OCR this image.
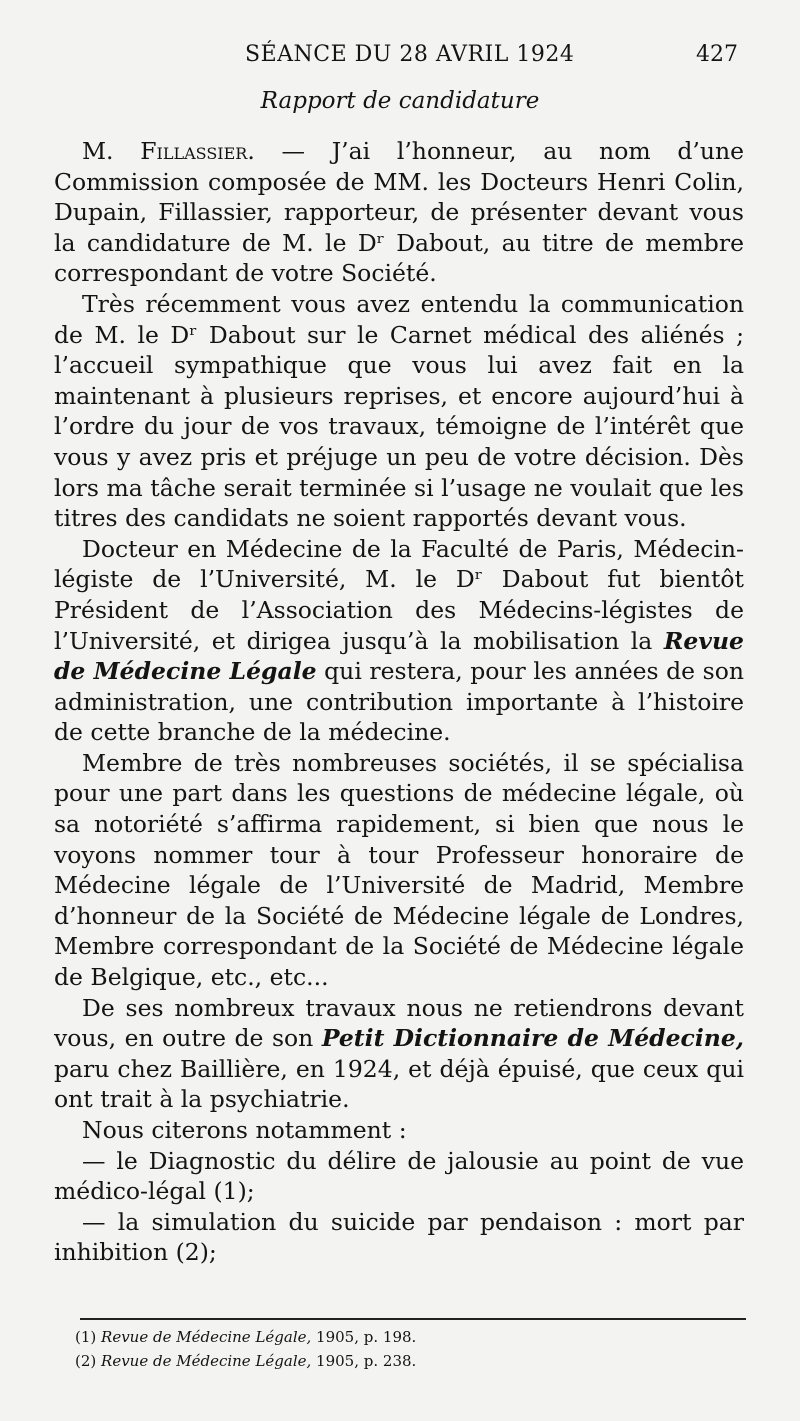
SÉANCE DU 28 AVRIL 1924	427
Rapport de candidature

M. Fillassier. — J’ai l’honneur, au nom d’une Commission composée de MM. les Docteurs Henri Colin, Dupain, Fillassier, rapporteur, de présenter devant vous la candidature de M. le Dʳ Dabout, au titre de membre correspondant de votre Société.

Très récemment vous avez entendu la communication de M. le Dʳ Dabout sur le Carnet médical des aliénés ; l’accueil sympathique que vous lui avez fait en la maintenant à plusieurs reprises, et encore aujourd’hui à l’ordre du jour de vos travaux, témoigne de l’intérêt que vous y avez pris et préjuge un peu de votre décision. Dès lors ma tâche serait terminée si l’usage ne voulait que les titres des candidats ne soient rapportés devant vous.

Docteur en Médecine de la Faculté de Paris, Médecin-légiste de l’Université, M. le Dʳ Dabout fut bientôt Président de l’Association des Médecins-légistes de l’Université, et dirigea jusqu’à la mobilisation la Revue de Médecine Légale qui restera, pour les années de son administration, une contribution importante à l’histoire de cette branche de la médecine.

Membre de très nombreuses sociétés, il se spécialisa pour une part dans les questions de médecine légale, où sa notoriété s’affirma rapidement, si bien que nous le voyons nommer tour à tour Professeur honoraire de Médecine légale de l’Université de Madrid, Membre d’honneur de la Société de Médecine légale de Londres, Membre correspondant de la Société de Médecine légale de Belgique, etc., etc...

De ses nombreux travaux nous ne retiendrons devant vous, en outre de son Petit Dictionnaire de Médecine, paru chez Baillière, en 1924, et déjà épuisé, que ceux qui ont trait à la psychiatrie.

Nous citerons notamment :

— le Diagnostic du délire de jalousie au point de vue médico-légal (1);

— la simulation du suicide par pendaison : mort par inhibition (2);

(1) Revue de Médecine Légale, 1905, p. 198.
(2) Revue de Médecine Légale, 1905, p. 238.
